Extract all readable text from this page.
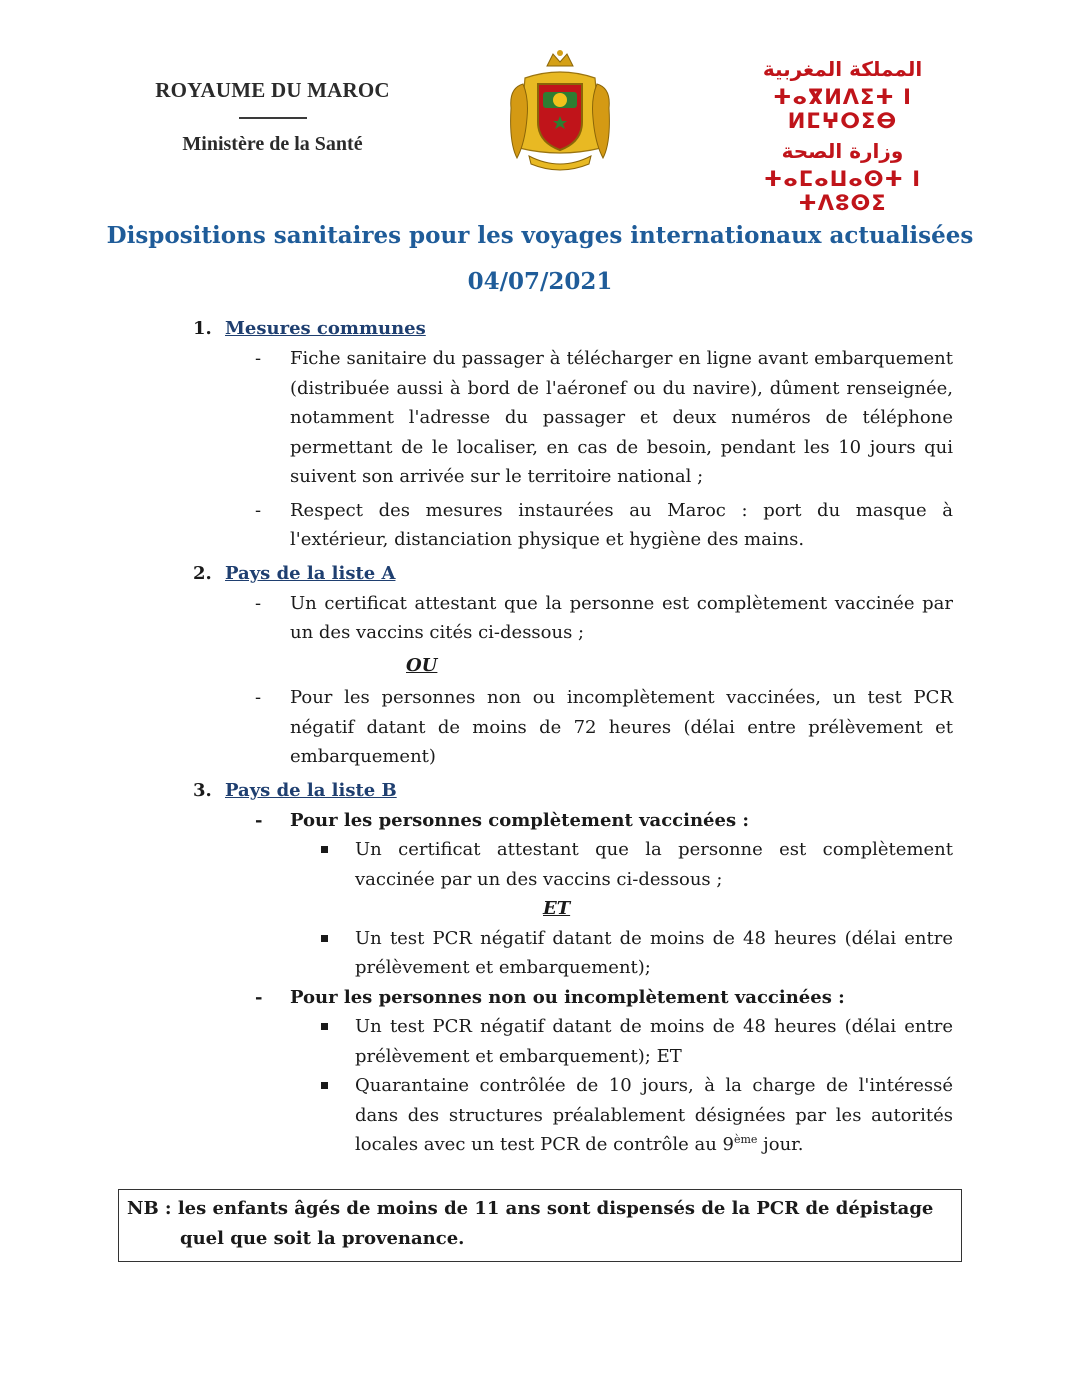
ROYAUME DU MAROC
Ministère de la Santé
المملكة المغربية
ⵜⴰⴳⵍⴷⵉⵜ ⵏ ⵍⵎⵖⵔⵉⴱ
وزارة الصحة
ⵜⴰⵎⴰⵡⴰⵙⵜ ⵏ ⵜⴷⵓⵙⵉ
Dispositions sanitaires pour les voyages internationaux actualisées
04/07/2021
1. Mesures communes
- Fiche sanitaire du passager à télécharger en ligne avant embarquement (distribuée aussi à bord de l'aéronef ou du navire), dûment renseignée, notamment l'adresse du passager et deux numéros de téléphone permettant de le localiser, en cas de besoin, pendant les 10 jours qui suivent son arrivée sur le territoire national ;
- Respect des mesures instaurées au Maroc : port du masque à l'extérieur, distanciation physique et hygiène des mains.
2. Pays de la liste A
- Un certificat attestant que la personne est complètement vaccinée par un des vaccins cités ci-dessous ;
OU
- Pour les personnes non ou incomplètement vaccinées, un test PCR négatif datant de moins de 72 heures (délai entre prélèvement et embarquement)
3. Pays de la liste B
- Pour les personnes complètement vaccinées :
Un certificat attestant que la personne est complètement vaccinée par un des vaccins ci-dessous ;
ET
Un test PCR négatif datant de moins de 48 heures (délai entre prélèvement et embarquement);
- Pour les personnes non ou incomplètement vaccinées :
Un test PCR négatif datant de moins de 48 heures (délai entre prélèvement et embarquement); ET
Quarantaine contrôlée de 10 jours, à la charge de l'intéressé dans des structures préalablement désignées par les autorités locales avec un test PCR de contrôle au 9ème jour.
NB : les enfants âgés de moins de 11 ans sont dispensés de la PCR de dépistage
quel que soit la provenance.
